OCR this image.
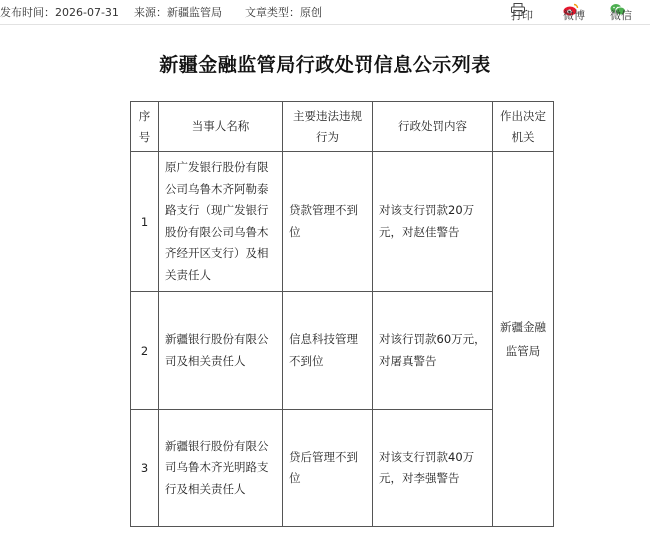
发布时间：2026-07-31 来源：新疆监管局 文章类型：原创	打印	微博 微信
新疆金融监管局行政处罚信息公示列表
序号	当事人名称	主要违法违规行为	行政处罚内容	作出决定机关
1	原广发银行股份有限公司乌鲁木齐阿勒泰路支行（现广发银行股份有限公司乌鲁木齐经开区支行）及相关责任人	贷款管理不到位	对该支行罚款20万元，对赵佳警告	新疆金融监管局
2	新疆银行股份有限公司及相关责任人	信息科技管理不到位	对该行罚款60万元，对屠真警告	
3	新疆银行股份有限公司乌鲁木齐光明路支行及相关责任人	贷后管理不到位	对该支行罚款40万元，对李强警告	
